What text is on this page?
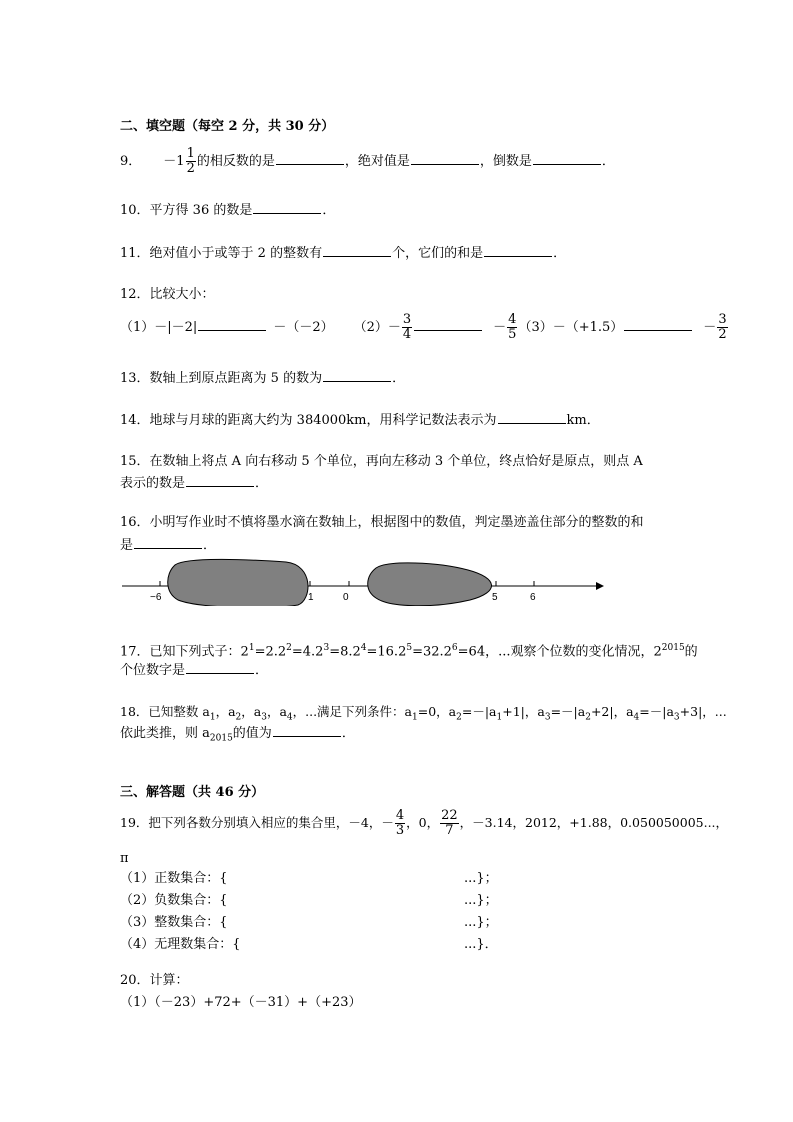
二、填空题（每空 2 分，共 30 分）
9． $-1 \frac{1}{2}$ 的相反数的是	，绝对值是	，倒数是	．
10．平方得 36 的数是	．
11．绝对值小于或等于 2 的整数有	个，它们的和是	．
12．比较大小：
（1）－|－2|	－（－2） $(2)- \frac{3}{4}$	－ $\frac{4}{5} (3)-(+1.5)$	－ $\frac{3}{2}$
13．数轴上到原点距离为 5 的数为	．
14．地球与月球的距离大约为 384000km，用科学记数法表示为	km．
15．在数轴上将点 A 向右移动 5 个单位，再向左移动 3 个单位，终点恰好是原点，则点 A
表示的数是	．
16．小明写作业时不慎将墨水滴在数轴上，根据图中的数值，判定墨迹盖住部分的整数的和
是	．
−6	1	0	5	6
17．已知下列式子：$2^1=2.2^2=4.2^3=8.2^4=16.2^5=32.2^6=64$，...观察个位数的变化情况，$2^{2015}$的
个位数字是	．
18．已知整数 $a_1$，$a_2$，$a_3$，$a_4$，...满足下列条件：$a_1=0$，$a_2=-|a_1+1|$，$a_3=-|a_2+2|$，$a_4=-|a_3+3|$，...
依此类推，则 $a_{2015}$的值为	．
三、解答题（共 46 分）
19．把下列各数分别填入相应的集合里，－4，－ $\frac{4}{3}$ ，0， $\frac{22}{7}$ ，－3.14，2012，+1.88，0.050050005...，
π
（1）正数集合：{	...}；
（2）负数集合：{	...}；
（3）整数集合：{	...}；
（4）无理数集合：{	...}．
20．计算：
（1）（－23）+72+（－31）+（+23）
